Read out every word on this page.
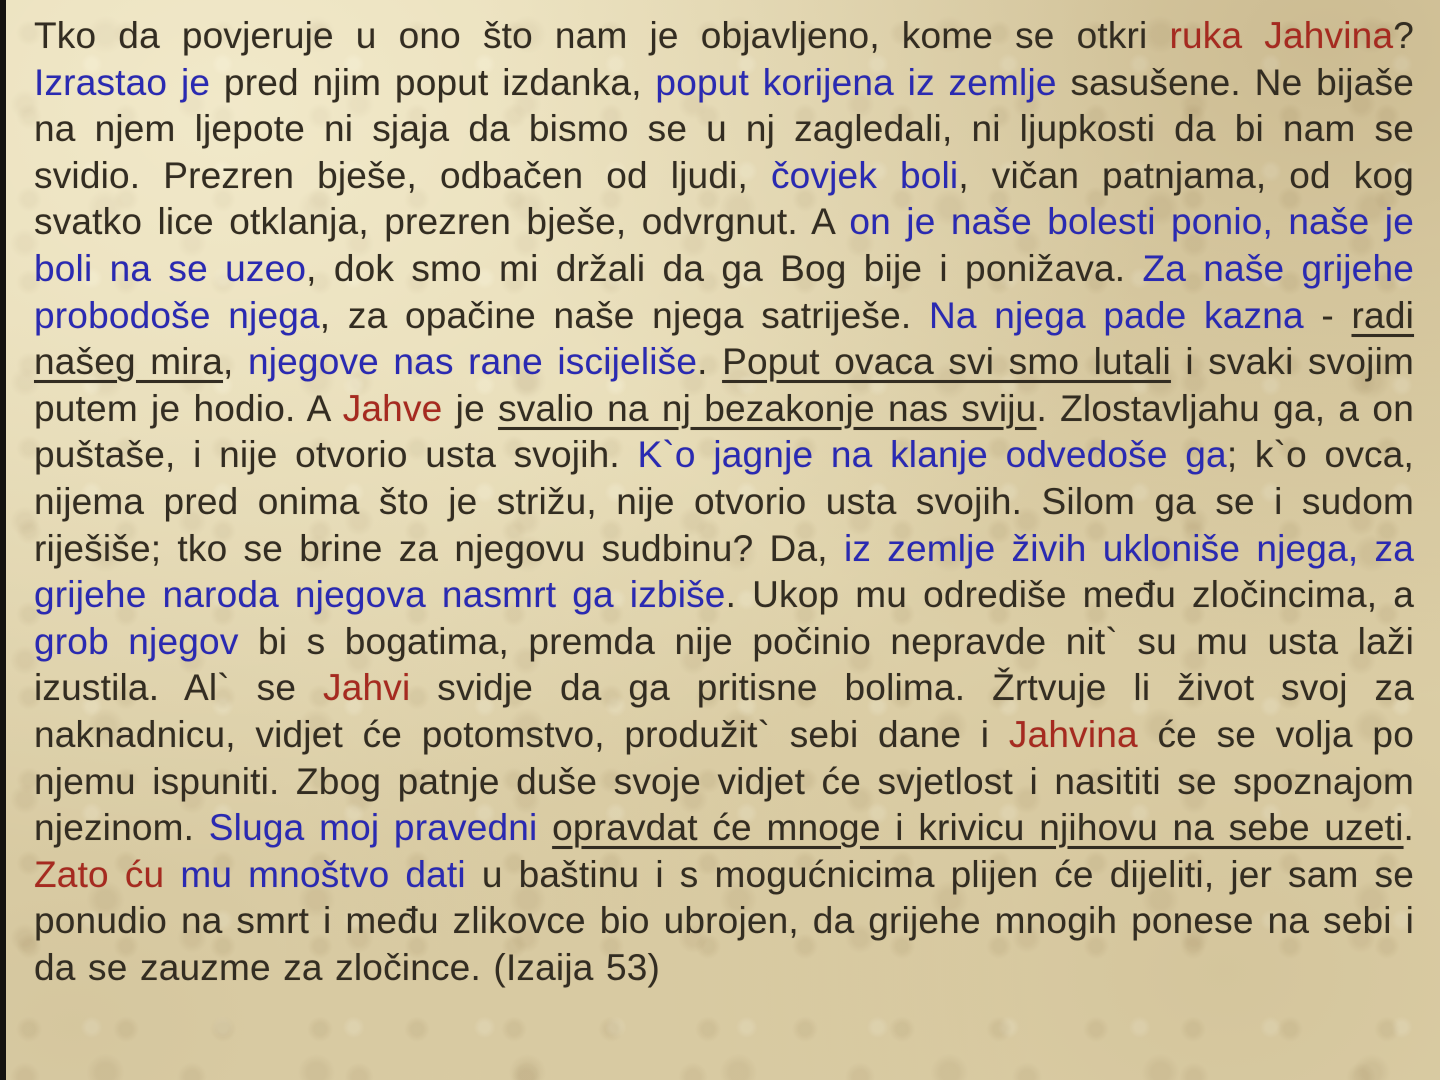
Tko da povjeruje u ono što nam je objavljeno, kome se otkri ruka Jahvina? Izrastao je pred njim poput izdanka, poput korijena iz zemlje sasušene. Ne bijaše na njem ljepote ni sjaja da bismo se u nj zagledali, ni ljupkosti da bi nam se svidio. Prezren bješe, odbačen od ljudi, čovjek boli, vičan patnjama, od kog svatko lice otklanja, prezren bješe, odvrgnut. A on je naše bolesti ponio, naše je boli na se uzeo, dok smo mi držali da ga Bog bije i ponižava. Za naše grijehe probodoše njega, za opačine naše njega satriješe. Na njega pade kazna - radi našeg mira, njegove nas rane iscijeliše. Poput ovaca svi smo lutali i svaki svojim putem je hodio. A Jahve je svalio na nj bezakonje nas sviju. Zlostavljahu ga, a on puštaše, i nije otvorio usta svojih. K`o jagnje na klanje odvedoše ga; k`o ovca, nijema pred onima što je strižu, nije otvorio usta svojih. Silom ga se i sudom riješiše; tko se brine za njegovu sudbinu? Da, iz zemlje živih ukloniše njega, za grijehe naroda njegova nasmrt ga izbiše. Ukop mu odrediše među zločincima, a grob njegov bi s bogatima, premda nije počinio nepravde nit` su mu usta laži izustila. Al` se Jahvi svidje da ga pritisne bolima. Žrtvuje li život svoj za naknadnicu, vidjet će potomstvo, produžit` sebi dane i Jahvina će se volja po njemu ispuniti. Zbog patnje duše svoje vidjet će svjetlost i nasititi se spoznajom njezinom. Sluga moj pravedni opravdat će mnoge i krivicu njihovu na sebe uzeti. Zato ću mu mnoštvo dati u baštinu i s mogućnicima plijen će dijeliti, jer sam se ponudio na smrt i među zlikovce bio ubrojen, da grijehe mnogih ponese na sebi i da se zauzme za zločince. (Izaija 53)
